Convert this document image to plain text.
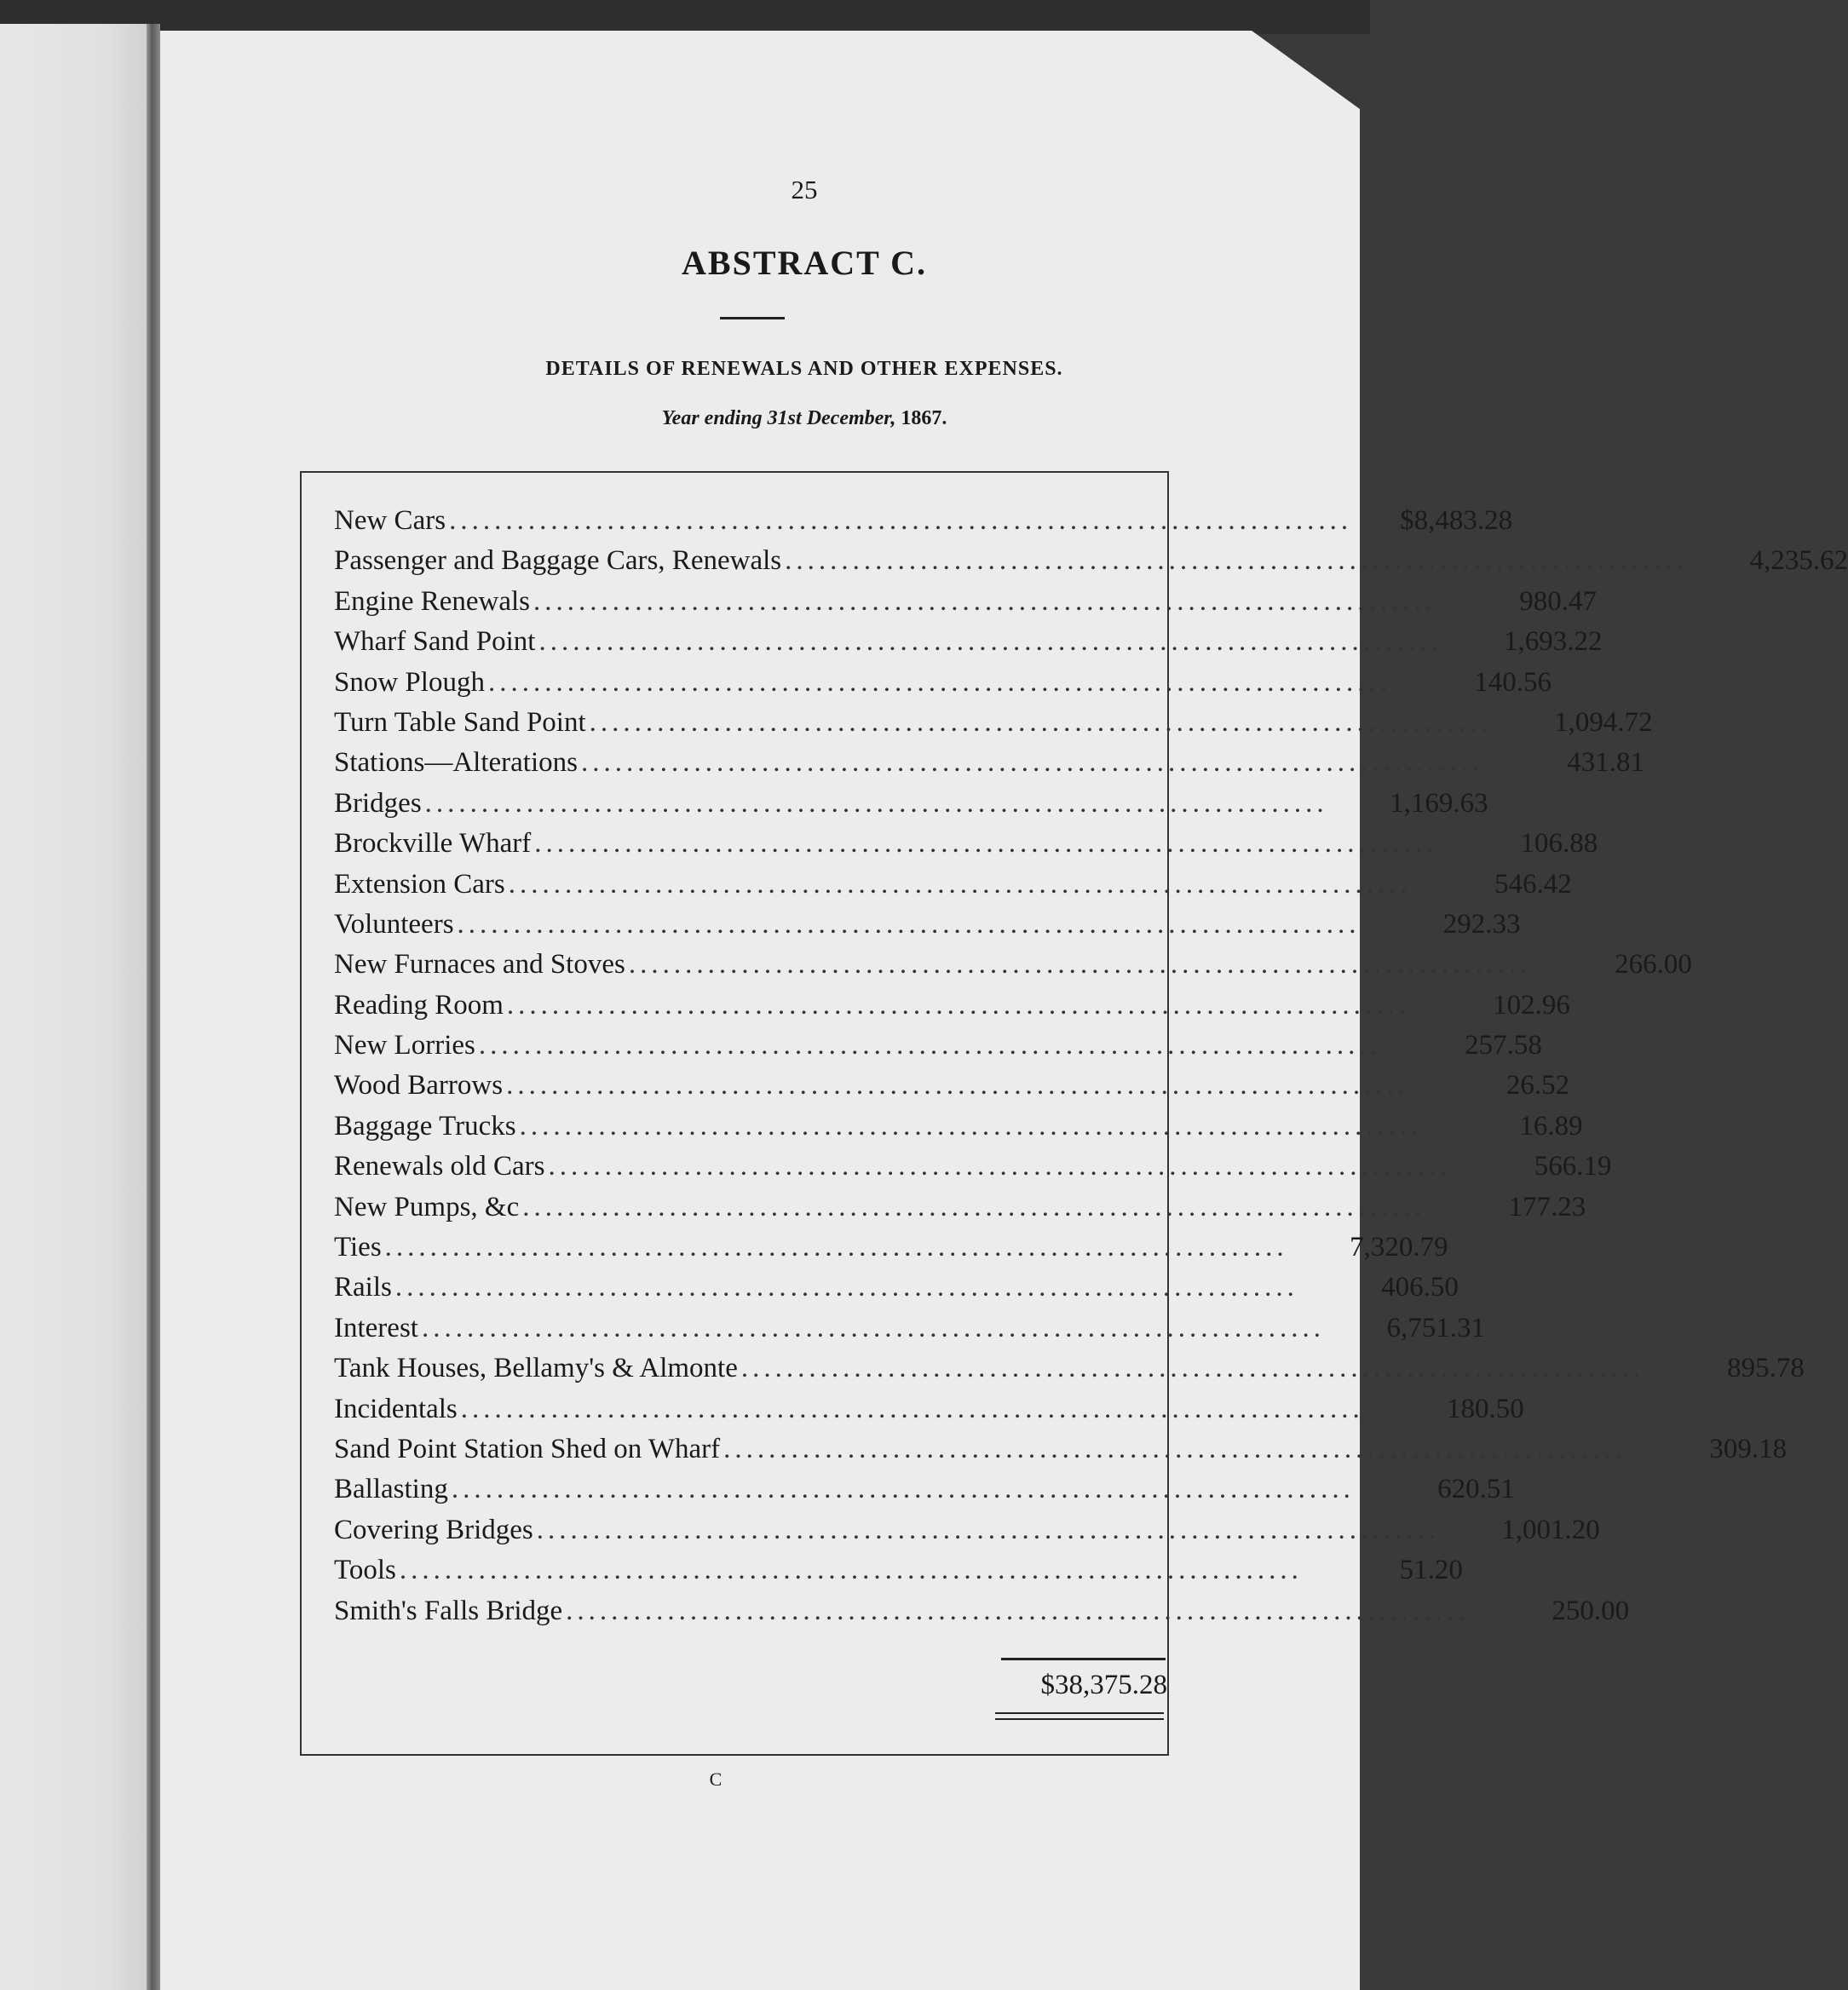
25
ABSTRACT C.
DETAILS OF RENEWALS AND OTHER EXPENSES.
Year ending 31st December, 1867.
New Cars ................................................................................	$8,483.28
Passenger and Baggage Cars, Renewals ................................................................................	4,235.62
Engine Renewals ................................................................................	980.47
Wharf Sand Point ................................................................................	1,693.22
Snow Plough ................................................................................	140.56
Turn Table Sand Point ................................................................................	1,094.72
Stations—Alterations ................................................................................	431.81
Bridges ................................................................................	1,169.63
Brockville Wharf ................................................................................	106.88
Extension Cars ................................................................................	546.42
Volunteers ................................................................................	292.33
New Furnaces and Stoves ................................................................................	266.00
Reading Room ................................................................................	102.96
New Lorries ................................................................................	257.58
Wood Barrows ................................................................................	26.52
Baggage Trucks ................................................................................	16.89
Renewals old Cars ................................................................................	566.19
New Pumps, &c ................................................................................	177.23
Ties ................................................................................	7,320.79
Rails ................................................................................	406.50
Interest ................................................................................	6,751.31
Tank Houses, Bellamy's & Almonte ................................................................................	895.78
Incidentals ................................................................................	180.50
Sand Point Station Shed on Wharf ................................................................................	309.18
Ballasting ................................................................................	620.51
Covering Bridges ................................................................................	1,001.20
Tools ................................................................................	51.20
Smith's Falls Bridge ................................................................................	250.00
$38,375.28
C
